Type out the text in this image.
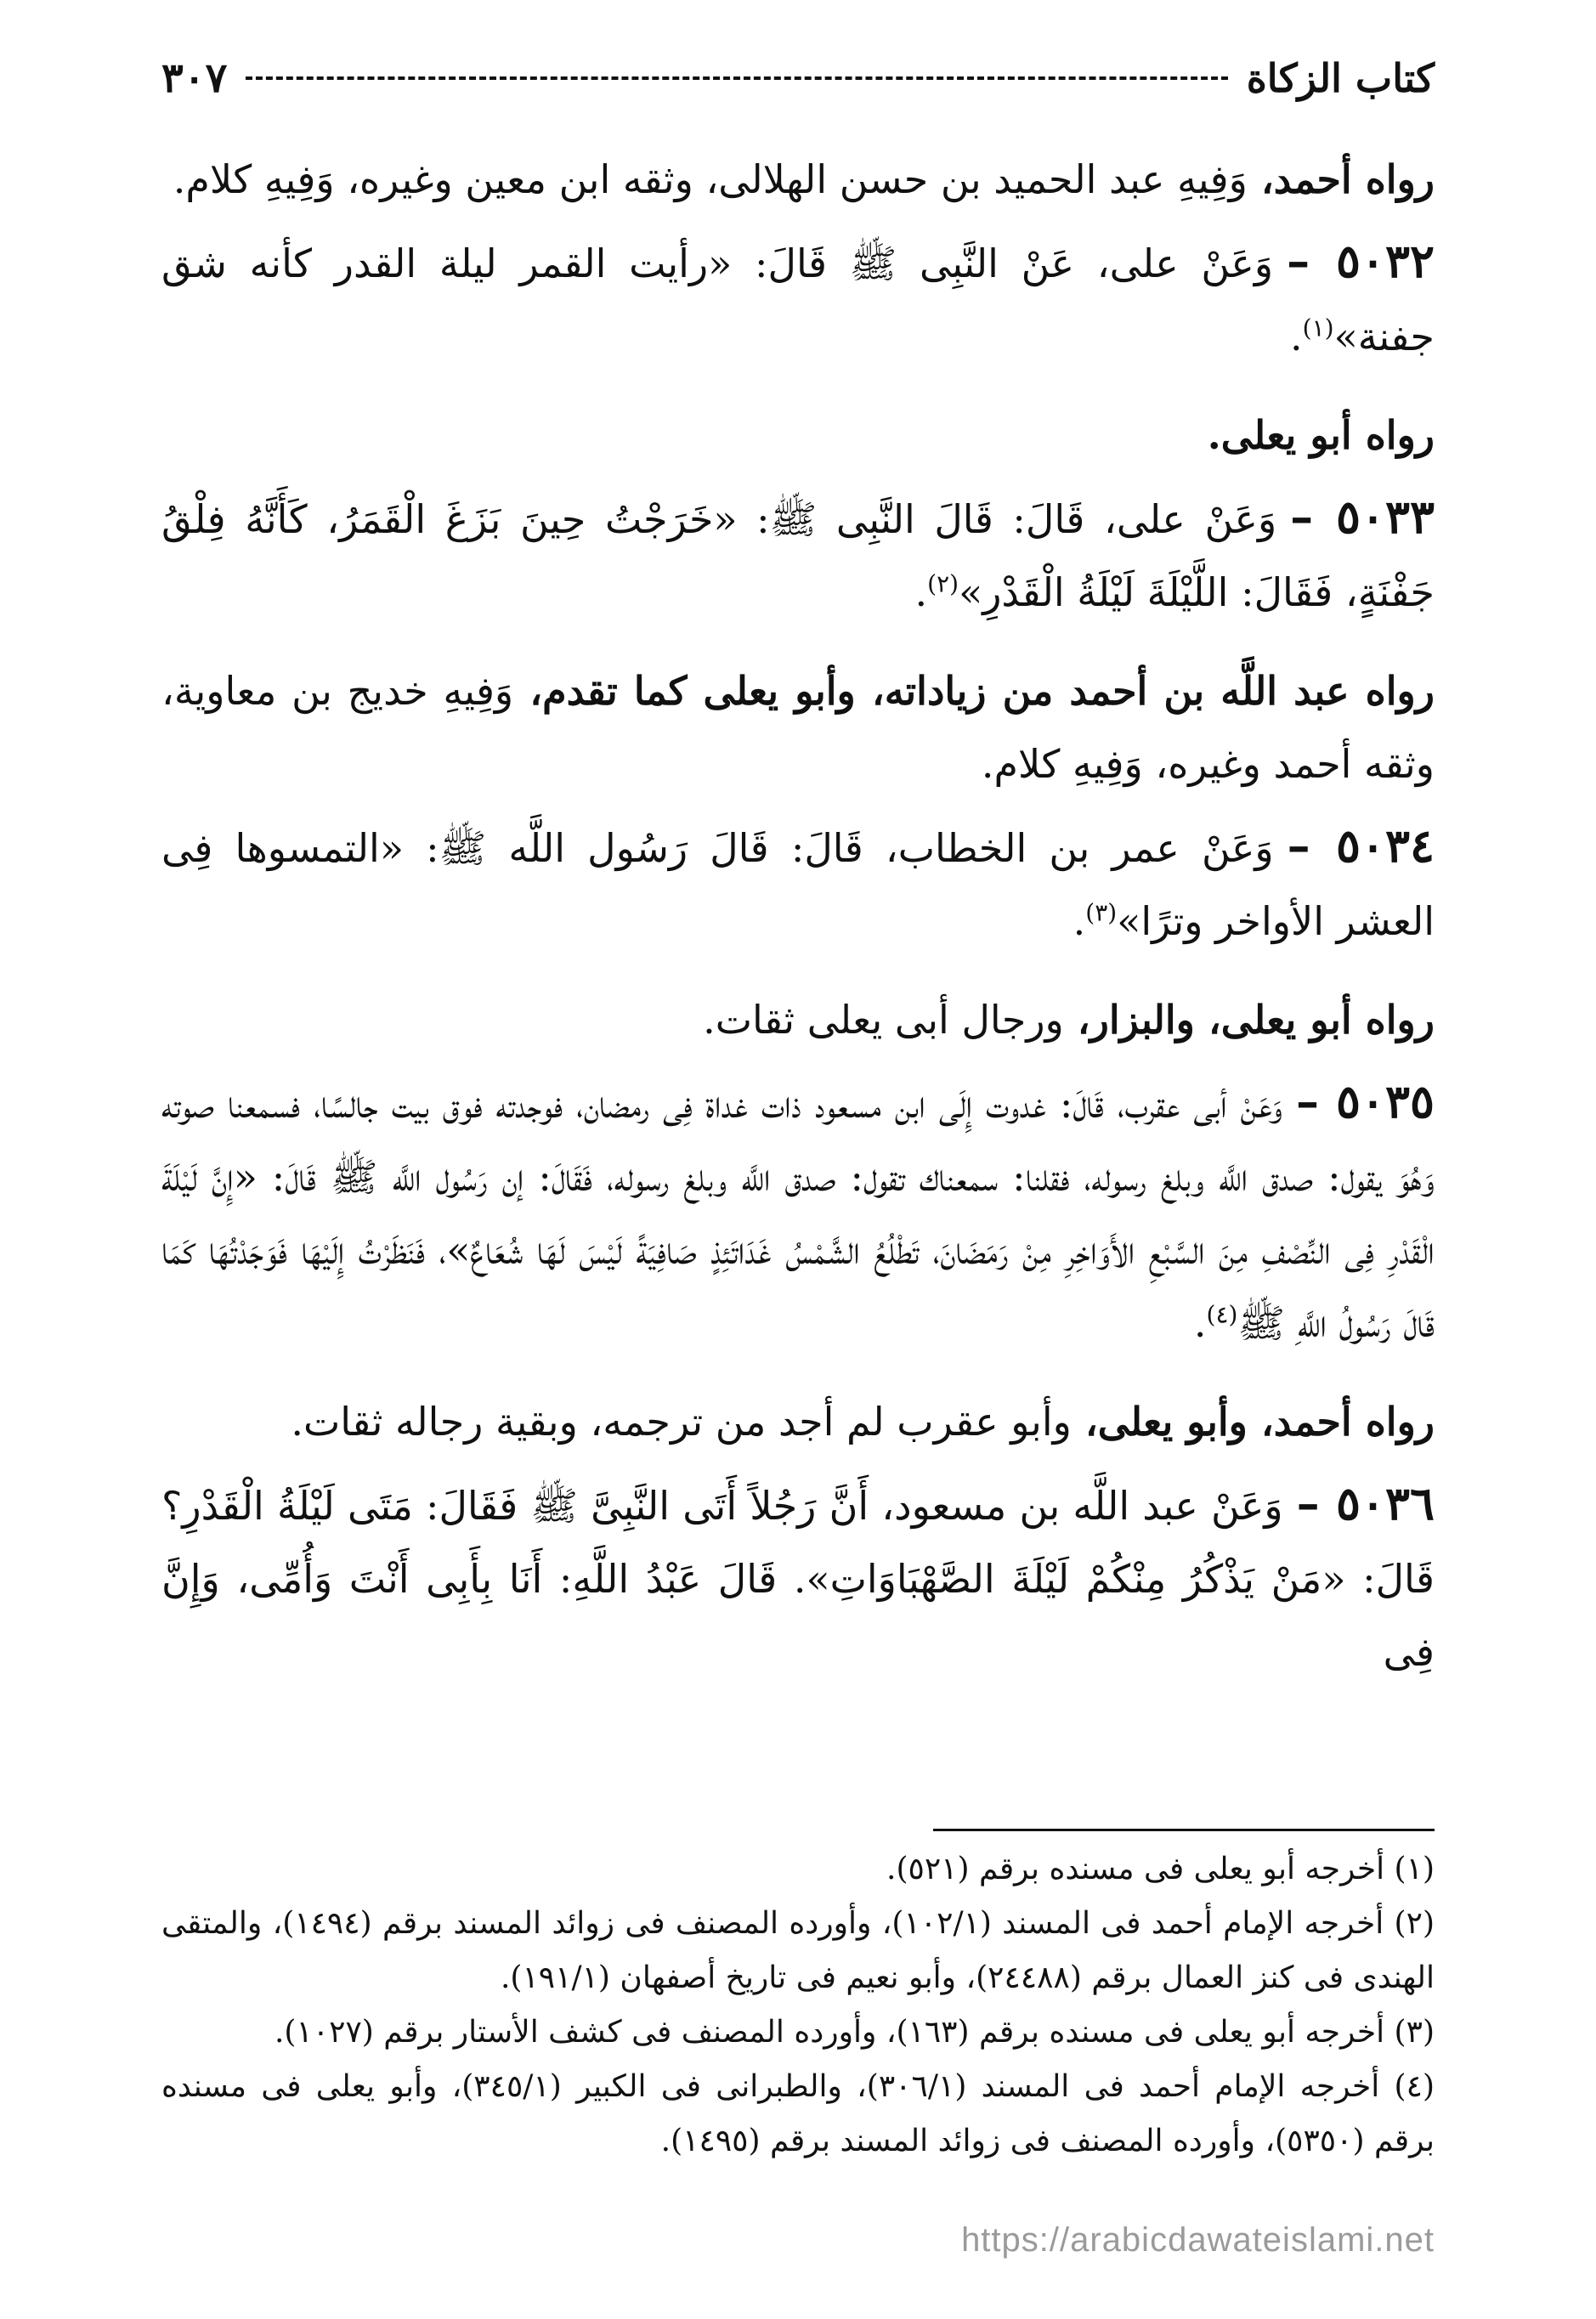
كتاب الزكاة
٣٠٧

رواه أحمد، وَفِيهِ عبد الحميد بن حسن الهلالى، وثقه ابن معين وغيره، وَفِيهِ كلام.

٥٠٣٢ –وَعَنْ على، عَنْ النَّبِى ﷺ قَالَ: «رأيت القمر ليلة القدر كأنه شق جفنة»$^{(١)}$.

رواه أبو يعلى.

٥٠٣٣ –وَعَنْ على، قَالَ: قَالَ النَّبِى ﷺ: «خَرَجْتُ حِينَ بَزَغَ الْقَمَرُ، كَأَنَّهُ فِلْقُ جَفْنَةٍ، فَقَالَ: اللَّيْلَةَ لَيْلَةُ الْقَدْرِ»$^{(٢)}$.

رواه عبد اللَّه بن أحمد من زياداته، وأبو يعلى كما تقدم، وَفِيهِ خديج بن معاوية، وثقه أحمد وغيره، وَفِيهِ كلام.

٥٠٣٤ –وَعَنْ عمر بن الخطاب، قَالَ: قَالَ رَسُول اللَّه ﷺ: «التمسوها فِى العشر الأواخر وترًا»$^{(٣)}$.

رواه أبو يعلى، والبزار، ورجال أبى يعلى ثقات.

٥٠٣٥ –وَعَنْ أبى عقرب، قَالَ: غدوت إِلَى ابن مسعود ذات غداة فِى رمضان، فوجدته فوق بيت جالسًا، فسمعنا صوته وَهُوَ يقول: صدق اللَّه وبلغ رسوله، فقلنا: سمعناك تقول: صدق اللَّه وبلغ رسوله، فَقَالَ: إن رَسُول اللَّه ﷺ قَالَ: «إِنَّ لَيْلَةَ الْقَدْرِ فِى النِّصْفِ مِنَ السَّبْعِ الأَوَاخِرِ مِنْ رَمَضَانَ، تَطْلُعُ الشَّمْسُ غَدَاتَئِذٍ صَافِيَةً لَيْسَ لَهَا شُعَاعٌ»، فَنَظَرْتُ إِلَيْهَا فَوَجَدْتُهَا كَمَا قَالَ رَسُولُ اللَّهِ ﷺ$^{(٤)}$.

رواه أحمد، وأبو يعلى، وأبو عقرب لم أجد من ترجمه، وبقية رجاله ثقات.

٥٠٣٦ –وَعَنْ عبد اللَّه بن مسعود، أَنَّ رَجُلاً أَتَى النَّبِىَّ ﷺ فَقَالَ: مَتَى لَيْلَةُ الْقَدْرِ؟ قَالَ: «مَنْ يَذْكُرُ مِنْكُمْ لَيْلَةَ الصَّهْبَاوَاتِ». قَالَ عَبْدُ اللَّهِ: أَنَا بِأَبِى أَنْتَ وَأُمِّى، وَإِنَّ فِى

(١) أخرجه أبو يعلى فى مسنده برقم (٥٢١).

(٢) أخرجه الإمام أحمد فى المسند (١٠٢/١)، وأورده المصنف فى زوائد المسند برقم (١٤٩٤)، والمتقى الهندى فى كنز العمال برقم (٢٤٤٨٨)، وأبو نعيم فى تاريخ أصفهان (١٩١/١).

(٣) أخرجه أبو يعلى فى مسنده برقم (١٦٣)، وأورده المصنف فى كشف الأستار برقم (١٠٢٧).

(٤) أخرجه الإمام أحمد فى المسند (٣٠٦/١)، والطبرانى فى الكبير (٣٤٥/١)، وأبو يعلى فى مسنده برقم (٥٣٥٠)، وأورده المصنف فى زوائد المسند برقم (١٤٩٥).

https://arabicdawateislami.net
